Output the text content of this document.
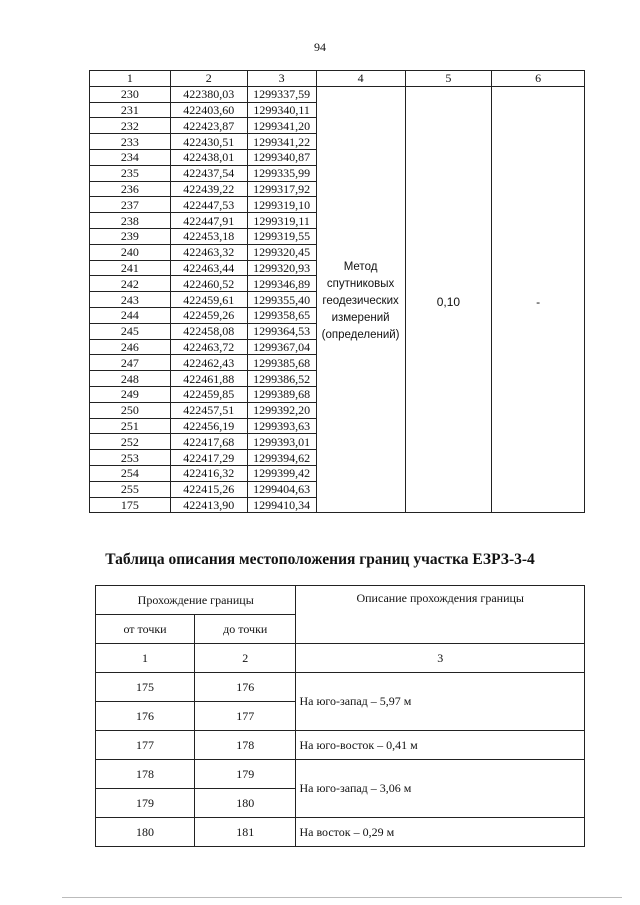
94
1	2	3	4	5	6
230	422380,03	1299337,59	Метод
спутниковых
геодезических
измерений
(определений)	0,10	-
231	422403,60	1299340,11			
232	422423,87	1299341,20			
233	422430,51	1299341,22			
234	422438,01	1299340,87			
235	422437,54	1299335,99			
236	422439,22	1299317,92			
237	422447,53	1299319,10			
238	422447,91	1299319,11			
239	422453,18	1299319,55			
240	422463,32	1299320,45			
241	422463,44	1299320,93			
242	422460,52	1299346,89			
243	422459,61	1299355,40			
244	422459,26	1299358,65			
245	422458,08	1299364,53			
246	422463,72	1299367,04			
247	422462,43	1299385,68			
248	422461,88	1299386,52			
249	422459,85	1299389,68			
250	422457,51	1299392,20			
251	422456,19	1299393,63			
252	422417,68	1299393,01			
253	422417,29	1299394,62			
254	422416,32	1299399,42			
255	422415,26	1299404,63			
175	422413,90	1299410,34			
Таблица описания местоположения границ участка ЕЗРЗ-3-4
Прохождение границы		Описание прохождения границы
от точки	до точки	
1	2	3
175	176	На юго-запад – 5,97 м
176	177	
177	178	На юго-восток – 0,41 м
178	179	На юго-запад – 3,06 м
179	180	
180	181	На восток – 0,29 м
